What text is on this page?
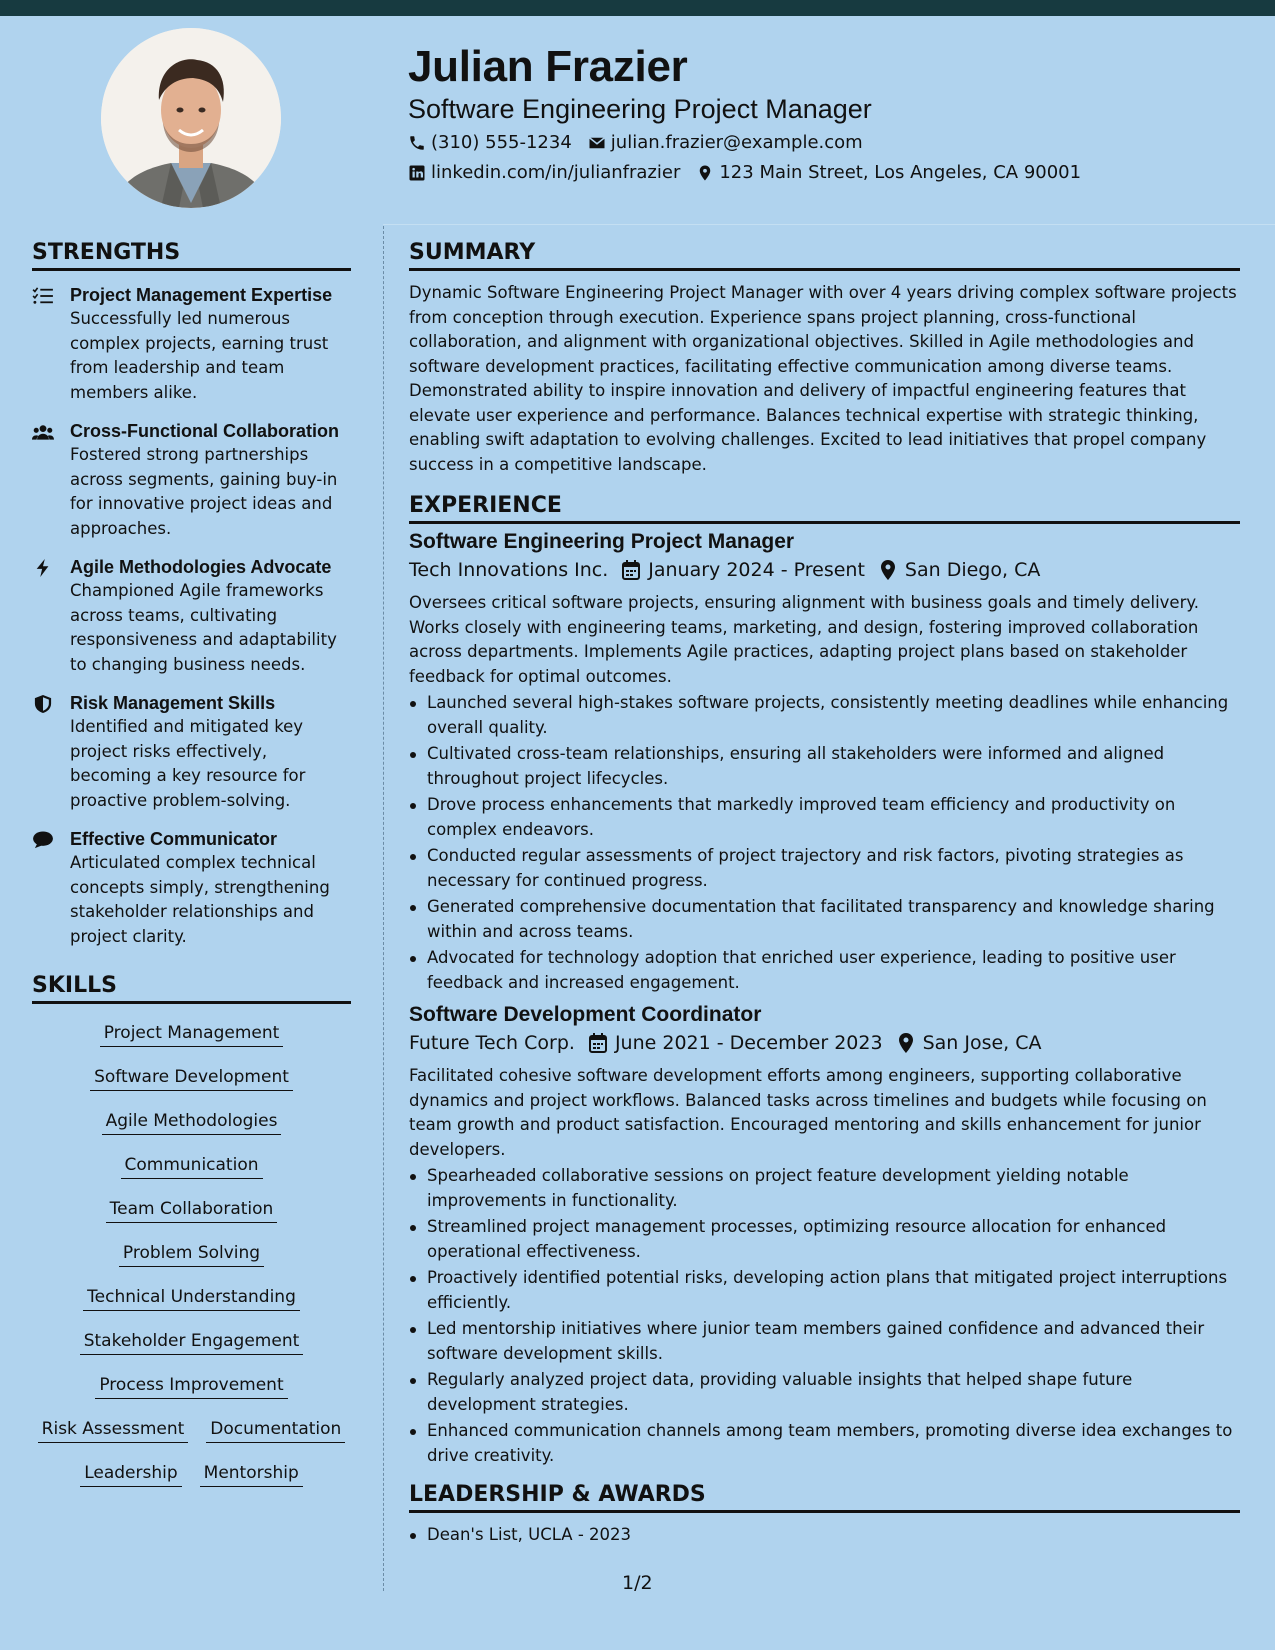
Julian Frazier
Software Engineering Project Manager
(310) 555-1234 julian.frazier@example.com
linkedin.com/in/julianfrazier 123 Main Street, Los Angeles, CA 90001
STRENGTHS
Project Management Expertise
Successfully led numerous complex projects, earning trust from leadership and team members alike.
Cross-Functional Collaboration
Fostered strong partnerships across segments, gaining buy-in for innovative project ideas and approaches.
Agile Methodologies Advocate
Championed Agile frameworks across teams, cultivating responsiveness and adaptability to changing business needs.
Risk Management Skills
Identified and mitigated key project risks effectively, becoming a key resource for proactive problem-solving.
Effective Communicator
Articulated complex technical concepts simply, strengthening stakeholder relationships and project clarity.
SKILLS
Project Management
Software Development
Agile Methodologies
Communication
Team Collaboration
Problem Solving
Technical Understanding
Stakeholder Engagement
Process Improvement
Risk Assessment Documentation
Leadership Mentorship
SUMMARY
Dynamic Software Engineering Project Manager with over 4 years driving complex software projects from conception through execution. Experience spans project planning, cross-functional collaboration, and alignment with organizational objectives. Skilled in Agile methodologies and software development practices, facilitating effective communication among diverse teams. Demonstrated ability to inspire innovation and delivery of impactful engineering features that elevate user experience and performance. Balances technical expertise with strategic thinking, enabling swift adaptation to evolving challenges. Excited to lead initiatives that propel company success in a competitive landscape.
EXPERIENCE
Software Engineering Project Manager
Tech Innovations Inc. January 2024 - Present San Diego, CA
Oversees critical software projects, ensuring alignment with business goals and timely delivery. Works closely with engineering teams, marketing, and design, fostering improved collaboration across departments. Implements Agile practices, adapting project plans based on stakeholder feedback for optimal outcomes.
Launched several high-stakes software projects, consistently meeting deadlines while enhancing overall quality.
Cultivated cross-team relationships, ensuring all stakeholders were informed and aligned throughout project lifecycles.
Drove process enhancements that markedly improved team efficiency and productivity on complex endeavors.
Conducted regular assessments of project trajectory and risk factors, pivoting strategies as necessary for continued progress.
Generated comprehensive documentation that facilitated transparency and knowledge sharing within and across teams.
Advocated for technology adoption that enriched user experience, leading to positive user feedback and increased engagement.
Software Development Coordinator
Future Tech Corp. June 2021 - December 2023 San Jose, CA
Facilitated cohesive software development efforts among engineers, supporting collaborative dynamics and project workflows. Balanced tasks across timelines and budgets while focusing on team growth and product satisfaction. Encouraged mentoring and skills enhancement for junior developers.
Spearheaded collaborative sessions on project feature development yielding notable improvements in functionality.
Streamlined project management processes, optimizing resource allocation for enhanced operational effectiveness.
Proactively identified potential risks, developing action plans that mitigated project interruptions efficiently.
Led mentorship initiatives where junior team members gained confidence and advanced their software development skills.
Regularly analyzed project data, providing valuable insights that helped shape future development strategies.
Enhanced communication channels among team members, promoting diverse idea exchanges to drive creativity.
LEADERSHIP & AWARDS
Dean's List, UCLA - 2023
1/2
